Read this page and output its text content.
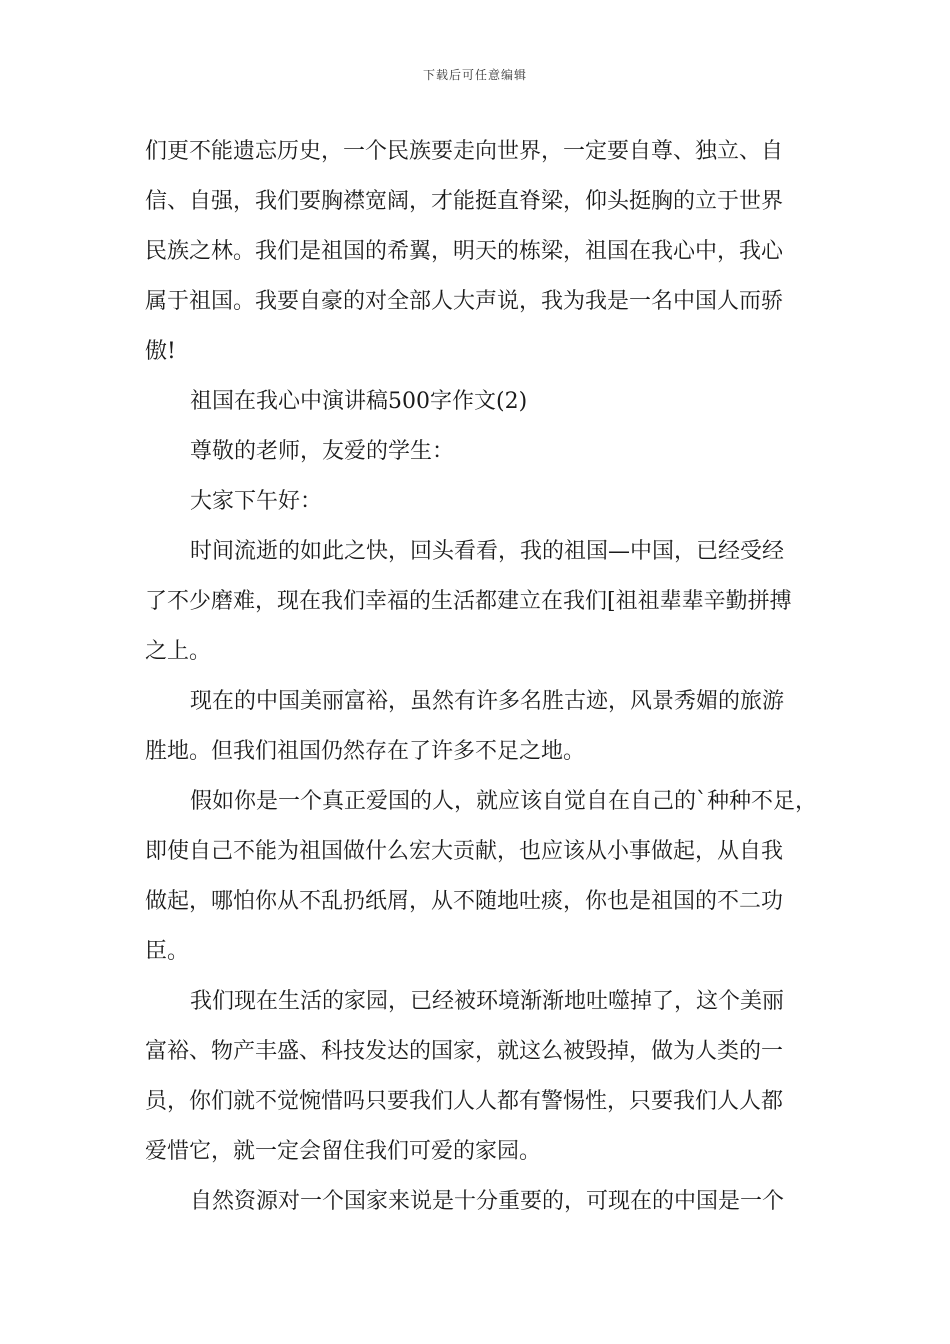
下载后可任意编辑
们更不能遗忘历史，一个民族要走向世界，一定要自尊、独立、自
信、自强，我们要胸襟宽阔，才能挺直脊梁，仰头挺胸的立于世界
民族之林。我们是祖国的希翼，明天的栋梁，祖国在我心中，我心
属于祖国。我要自豪的对全部人大声说，我为我是一名中国人而骄
傲!
祖国在我心中演讲稿500字作文(2)
尊敬的老师，友爱的学生：
大家下午好：
时间流逝的如此之快，回头看看，我的祖国—中国，已经受经
了不少磨难，现在我们幸福的生活都建立在我们[祖祖辈辈辛勤拼搏
之上。
现在的中国美丽富裕，虽然有许多名胜古迹，风景秀媚的旅游
胜地。但我们祖国仍然存在了许多不足之地。
假如你是一个真正爱国的人，就应该自觉自在自己的`种种不足，
即使自己不能为祖国做什么宏大贡献，也应该从小事做起，从自我
做起，哪怕你从不乱扔纸屑，从不随地吐痰，你也是祖国的不二功
臣。
我们现在生活的家园，已经被环境渐渐地吐噬掉了，这个美丽
富裕、物产丰盛、科技发达的国家，就这么被毁掉，做为人类的一
员，你们就不觉惋惜吗只要我们人人都有警惕性，只要我们人人都
爱惜它，就一定会留住我们可爱的家园。
自然资源对一个国家来说是十分重要的，可现在的中国是一个
